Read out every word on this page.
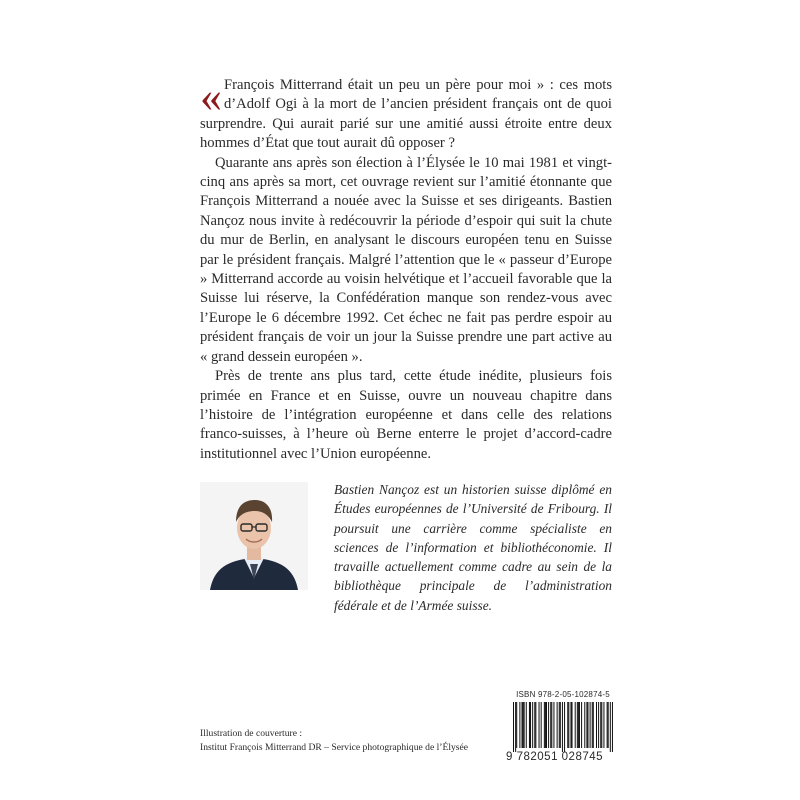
« François Mitterrand était un peu un père pour moi » : ces mots d’Adolf Ogi à la mort de l’ancien président français ont de quoi surprendre. Qui aurait parié sur une amitié aussi étroite entre deux hommes d’État que tout aurait dû opposer ?

Quarante ans après son élection à l’Élysée le 10 mai 1981 et vingt-cinq ans après sa mort, cet ouvrage revient sur l’amitié étonnante que François Mitterrand a nouée avec la Suisse et ses dirigeants. Bastien Nançoz nous invite à redécouvrir la période d’espoir qui suit la chute du mur de Berlin, en analysant le discours européen tenu en Suisse par le président français. Malgré l’attention que le « passeur d’Europe » Mitterrand accorde au voisin helvétique et l’accueil favorable que la Suisse lui réserve, la Confédération manque son rendez-vous avec l’Europe le 6 décembre 1992. Cet échec ne fait pas perdre espoir au président français de voir un jour la Suisse prendre une part active au « grand dessein européen ».

Près de trente ans plus tard, cette étude inédite, plusieurs fois primée en France et en Suisse, ouvre un nouveau chapitre dans l’histoire de l’intégration européenne et dans celle des relations franco-suisses, à l’heure où Berne enterre le projet d’accord-cadre institutionnel avec l’Union européenne.

Bastien Nançoz est un historien suisse diplômé en Études européennes de l’Université de Fribourg. Il poursuit une carrière comme spécialiste en sciences de l’information et bibliothéconomie. Il travaille actuellement comme cadre au sein de la bibliothèque principale de l’administration fédérale et de l’Armée suisse.
Illustration de couverture :
Institut François Mitterrand DR – Service photographique de l’Élysée
ISBN 978-2-05-102874-5
9 782051 028745
